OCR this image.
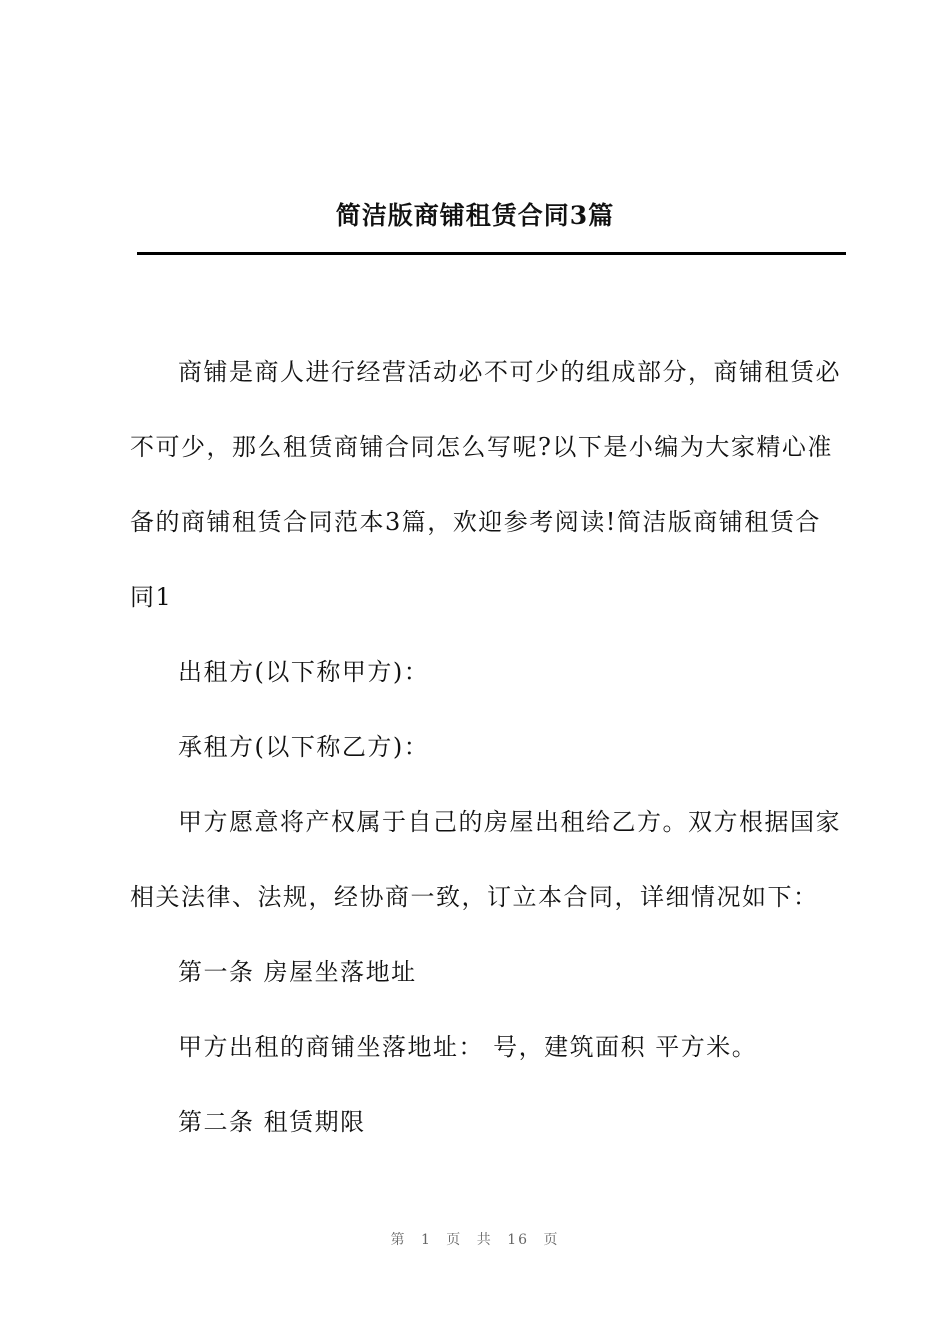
简洁版商铺租赁合同3篇

商铺是商人进行经营活动必不可少的组成部分，商铺租赁必不可少，那么租赁商铺合同怎么写呢?以下是小编为大家精心准备的商铺租赁合同范本3篇，欢迎参考阅读!简洁版商铺租赁合同1

出租方(以下称甲方)：

承租方(以下称乙方)：

甲方愿意将产权属于自己的房屋出租给乙方。双方根据国家相关法律、法规，经协商一致，订立本合同，详细情况如下：

第一条 房屋坐落地址

甲方出租的商铺坐落地址： 号，建筑面积 平方米。

第二条 租赁期限

第 1 页 共 16 页
